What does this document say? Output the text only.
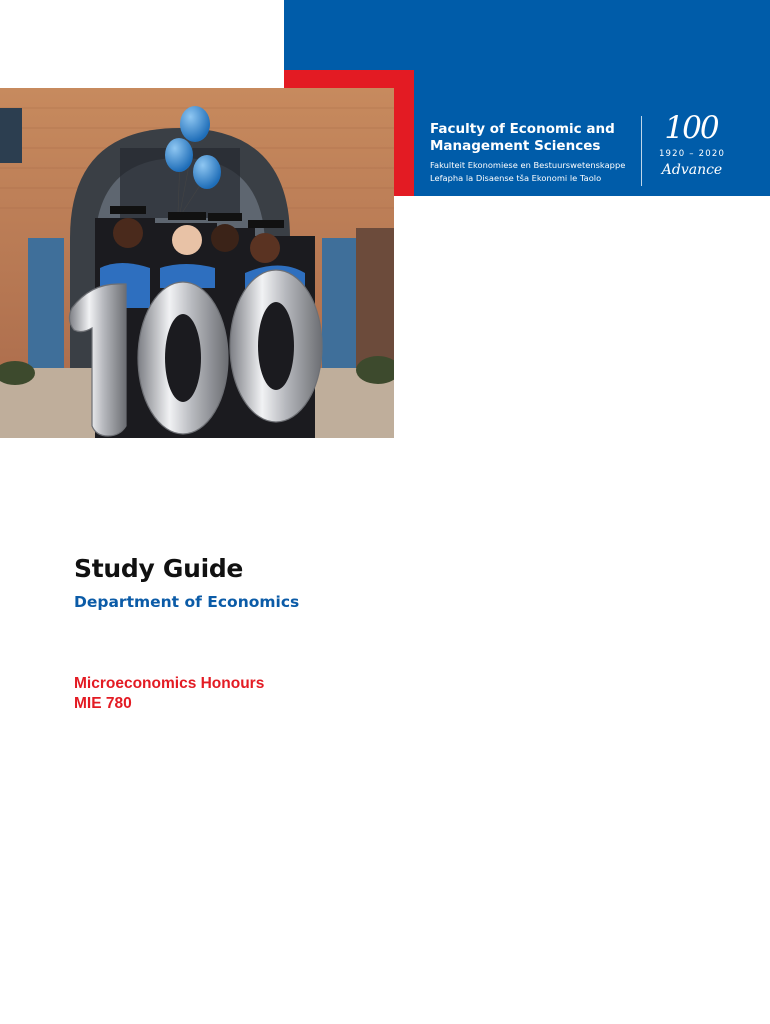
Faculty of Economic and
Management Sciences
Fakulteit Ekonomiese en Bestuurswetenskappe
Lefapha la Disaense tša Ekonomi le Taolo
100
1920 – 2020
Advance
Study Guide
Department of Economics
Microeconomics Honours
MIE 780
